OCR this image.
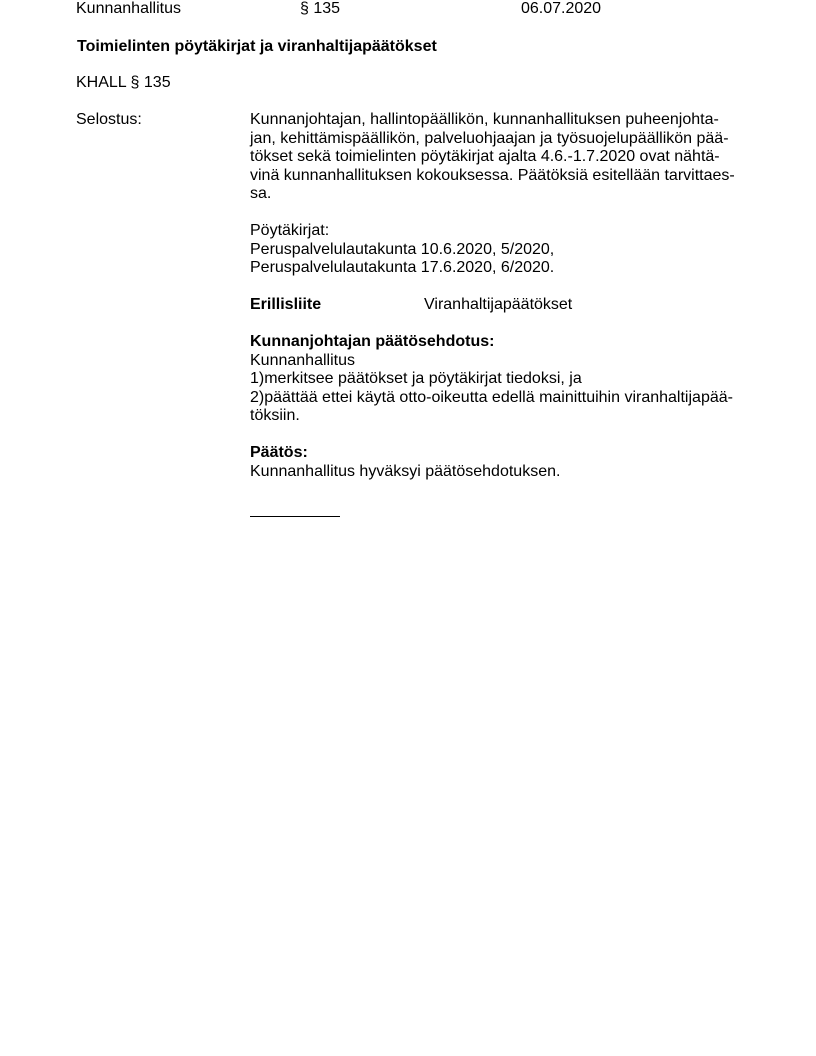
Kunnanhallitus	§ 135	06.07.2020
Toimielinten pöytäkirjat ja viranhaltijapäätökset
KHALL § 135
Selostus:	Kunnanjohtajan, hallintopäällikön, kunnanhallituksen puheenjohta-
jan, kehittämispäällikön, palveluohjaajan ja työsuojelupäällikön pää-
tökset sekä toimielinten pöytäkirjat ajalta 4.6.-1.7.2020 ovat nähtä-
vinä kunnanhallituksen kokouksessa. Päätöksiä esitellään tarvittaes-
sa.
Pöytäkirjat:
Peruspalvelulautakunta 10.6.2020, 5/2020,
Peruspalvelulautakunta 17.6.2020, 6/2020.
Erillisliite	Viranhaltijapäätökset
Kunnanjohtajan päätösehdotus:
Kunnanhallitus
1)merkitsee päätökset ja pöytäkirjat tiedoksi, ja
2)päättää ettei käytä otto-oikeutta edellä mainittuihin viranhaltijapää-
töksiin.
Päätös:
Kunnanhallitus hyväksyi päätösehdotuksen.
